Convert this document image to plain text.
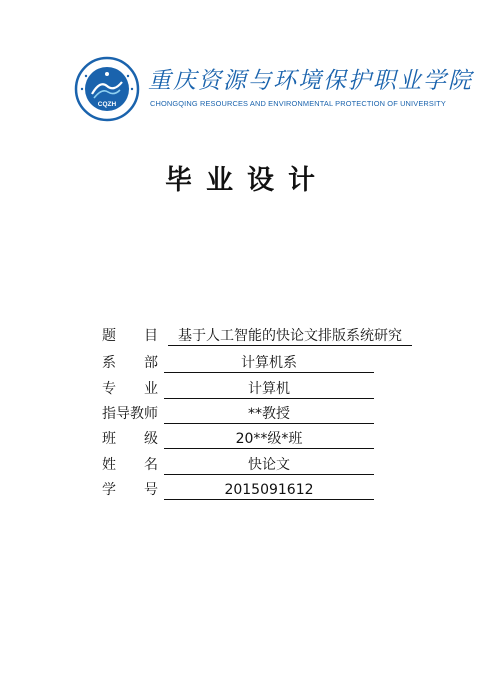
CQZH
重庆资源与环境保护职业学院
CHONGQING RESOURCES AND ENVIRONMENTAL PROTECTION OF UNIVERSITY
毕业设计
题　　目	基于人工智能的快论文排版系统研究
系　　部	计算机系
专　　业	计算机
指导教师	**教授
班　　级	20**级*班
姓　　名	快论文
学　　号	2015091612
